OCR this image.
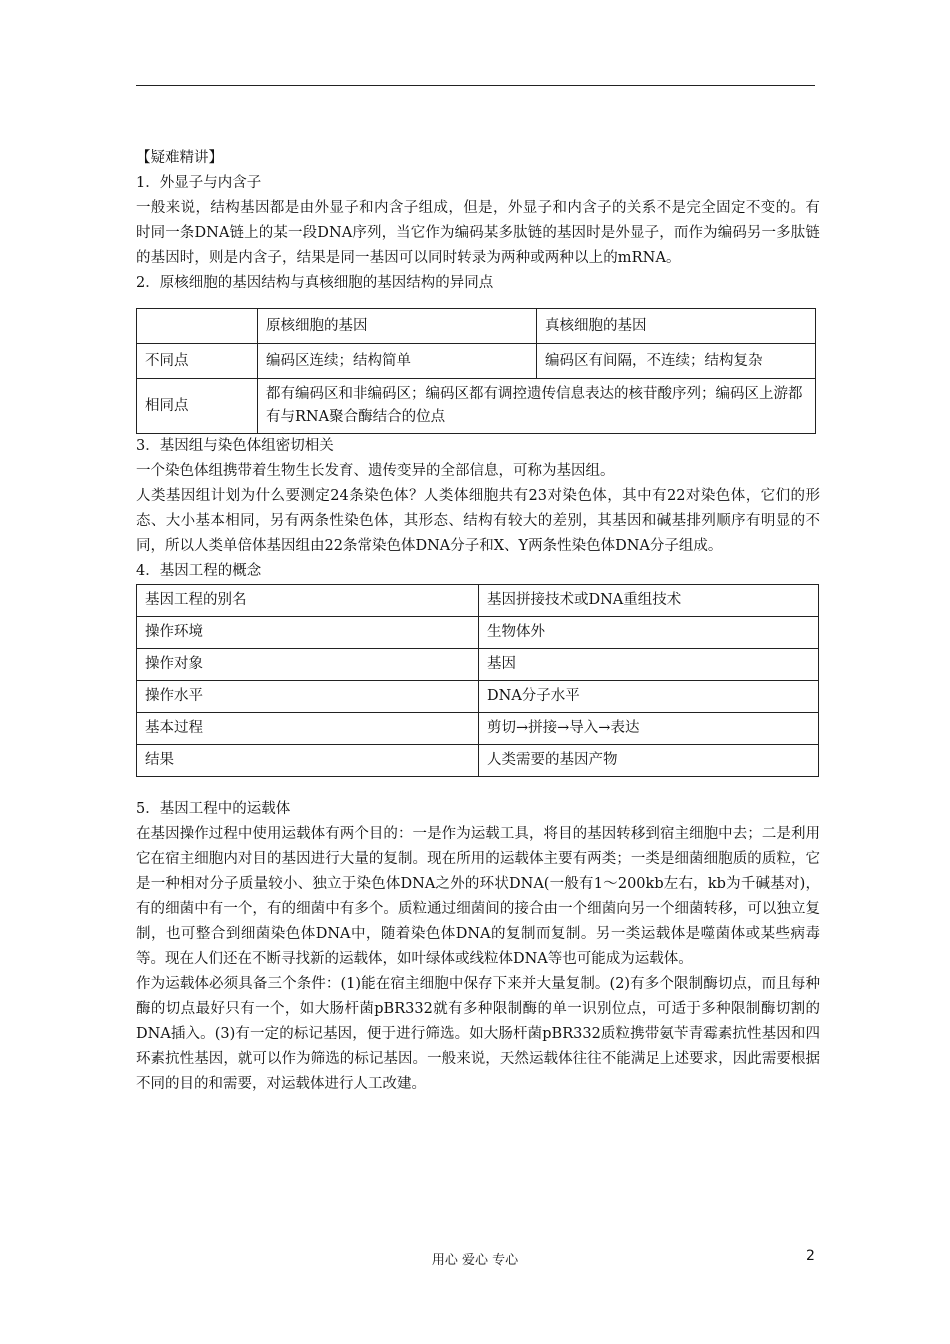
【疑难精讲】

1．外显子与内含子

一般来说，结构基因都是由外显子和内含子组成，但是，外显子和内含子的关系不是完全固定不变的。有时同一条DNA链上的某一段DNA序列，当它作为编码某多肽链的基因时是外显子，而作为编码另一多肽链的基因时，则是内含子，结果是同一基因可以同时转录为两种或两种以上的mRNA。

2．原核细胞的基因结构与真核细胞的基因结构的异同点

	原核细胞的基因	真核细胞的基因
不同点	编码区连续；结构简单	编码区有间隔，不连续；结构复杂
相同点	都有编码区和非编码区；编码区都有调控遗传信息表达的核苷酸序列；编码区上游都有与RNA聚合酶结合的位点	

3．基因组与染色体组密切相关

一个染色体组携带着生物生长发育、遗传变异的全部信息，可称为基因组。

人类基因组计划为什么要测定24条染色体？人类体细胞共有23对染色体，其中有22对染色体，它们的形态、大小基本相同，另有两条性染色体，其形态、结构有较大的差别，其基因和碱基排列顺序有明显的不同，所以人类单倍体基因组由22条常染色体DNA分子和X、Y两条性染色体DNA分子组成。

4．基因工程的概念

基因工程的别名	基因拼接技术或DNA重组技术
操作环境	生物体外
操作对象	基因
操作水平	DNA分子水平
基本过程	剪切→拼接→导入→表达
结果	人类需要的基因产物

5．基因工程中的运载体

在基因操作过程中使用运载体有两个目的：一是作为运载工具，将目的基因转移到宿主细胞中去；二是利用它在宿主细胞内对目的基因进行大量的复制。现在所用的运载体主要有两类；一类是细菌细胞质的质粒，它是一种相对分子质量较小、独立于染色体DNA之外的环状DNA(一般有1～200kb左右，kb为千碱基对)，有的细菌中有一个，有的细菌中有多个。质粒通过细菌间的接合由一个细菌向另一个细菌转移，可以独立复制，也可整合到细菌染色体DNA中，随着染色体DNA的复制而复制。另一类运载体是噬菌体或某些病毒等。现在人们还在不断寻找新的运载体，如叶绿体或线粒体DNA等也可能成为运载体。

作为运载体必须具备三个条件：(1)能在宿主细胞中保存下来并大量复制。(2)有多个限制酶切点，而且每种酶的切点最好只有一个，如大肠杆菌pBR332就有多种限制酶的单一识别位点，可适于多种限制酶切割的DNA插入。(3)有一定的标记基因，便于进行筛选。如大肠杆菌pBR332质粒携带氨苄青霉素抗性基因和四环素抗性基因，就可以作为筛选的标记基因。一般来说，天然运载体往往不能满足上述要求，因此需要根据不同的目的和需要，对运载体进行人工改建。

用心 爱心 专心	2
